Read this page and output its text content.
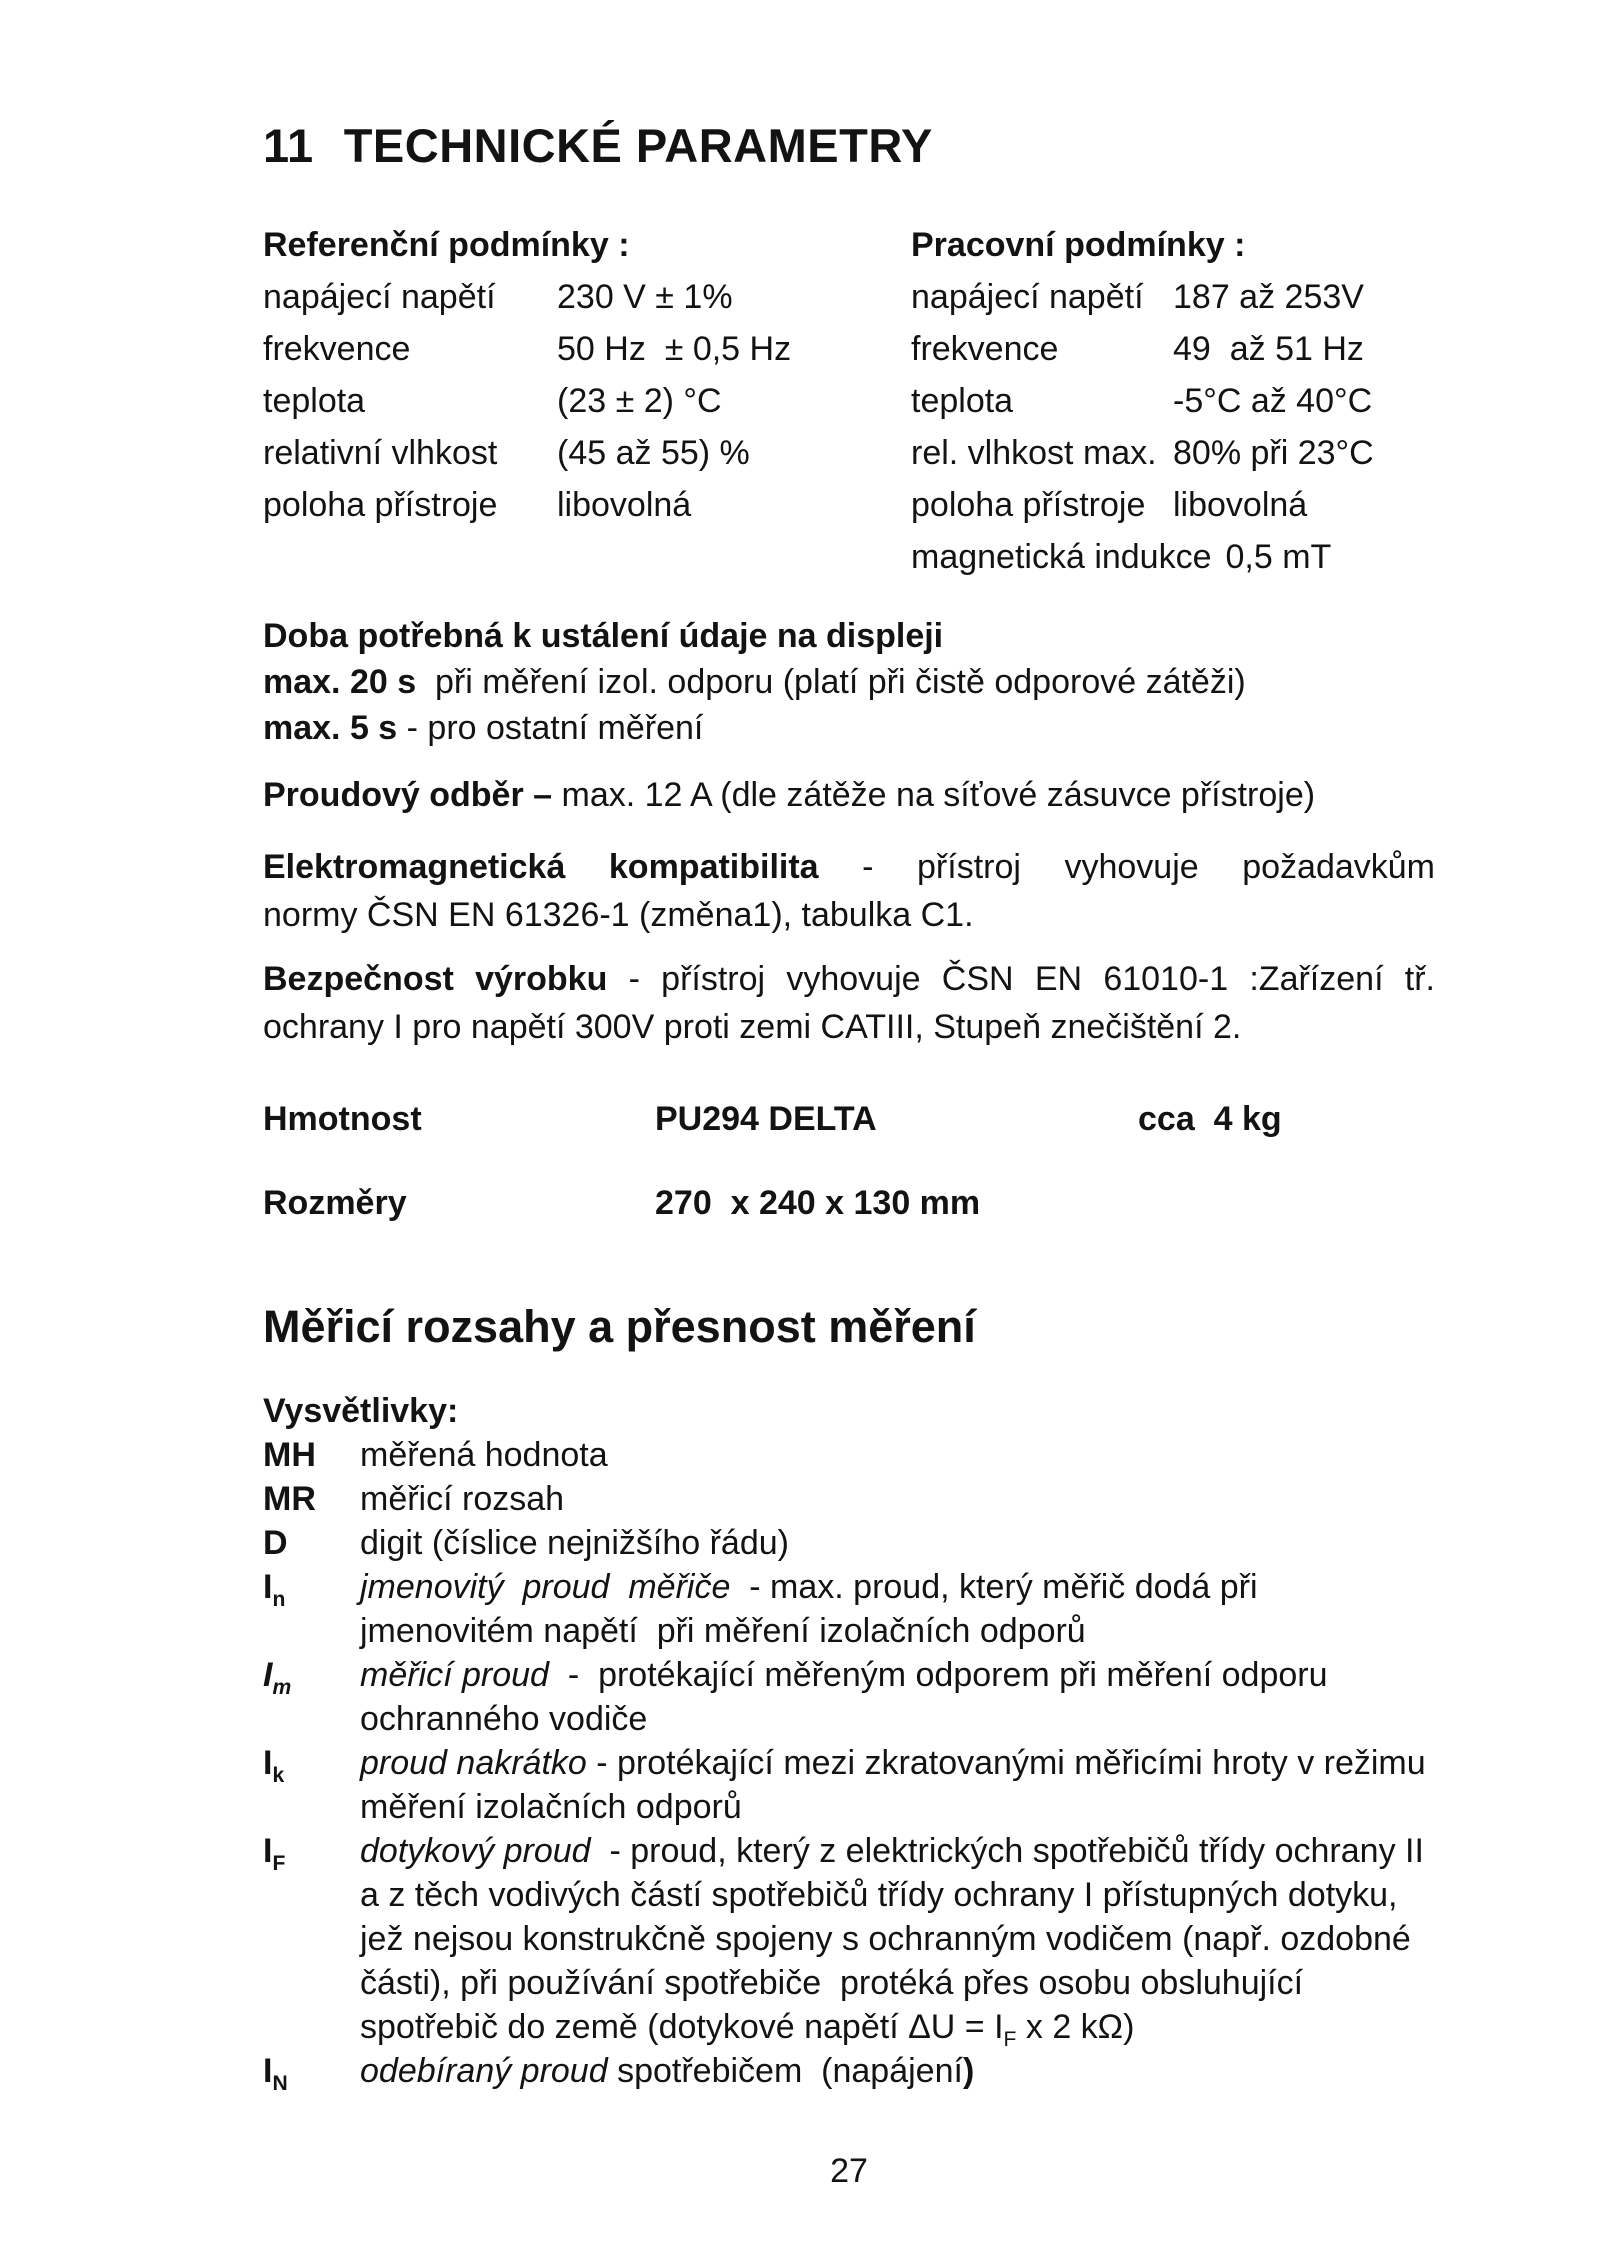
11 TECHNICKÉ PARAMETRY
Referenční podmínky :
napájecí napětí	230 V ± 1%
frekvence	50 Hz  ± 0,5 Hz
teplota	(23 ± 2) °C
relativní vlhkost	(45 až 55) %
poloha přístroje	libovolná
Pracovní podmínky :
napájecí napětí 187 až 253V
frekvence	49  až 51 Hz
teplota	-5°C až 40°C
rel. vlhkost max. 80% při 23°C
poloha přístroje libovolná
magnetická indukce 0,5 mT
Doba potřebná k ustálení údaje na displeji
max. 20 s  při měření izol. odporu (platí při čistě odporové zátěži)
max. 5 s - pro ostatní měření
Proudový odběr – max. 12 A (dle zátěže na síťové zásuvce přístroje)
Elektromagnetická kompatibilita - přístroj vyhovuje požadavkům
normy ČSN EN 61326-1 (změna1), tabulka C1.
Bezpečnost výrobku - přístroj vyhovuje ČSN EN 61010-1 :Zařízení tř. ochrany I pro napětí 300V proti zemi CATIII, Stupeň znečištění 2.
Hmotnost	PU294 DELTA	cca  4 kg
Rozměry	270  x 240 x 130 mm
Měřicí rozsahy a přesnost měření
Vysvětlivky:
MH	měřená hodnota
MR	měřicí rozsah
D	digit (číslice nejnižšího řádu)
$I_n$	jmenovitý  proud  měřiče  - max. proud, který měřič dodá při jmenovitém napětí  při měření izolačních odporů
$I_m$	měřicí proud  -  protékající měřeným odporem při měření odporu ochranného vodiče
$I_k$	proud nakrátko - protékající mezi zkratovanými měřicími hroty v režimu  měření izolačních odporů
$I_F$	dotykový proud  - proud, který z elektrických spotřebičů třídy ochrany II a z těch vodivých částí spotřebičů třídy ochrany I přístupných dotyku, jež nejsou konstrukčně spojeny s ochranným vodičem (např. ozdobné části), při používání spotřebiče  protéká přes osobu obsluhující spotřebič do země (dotykové napětí $\Delta U = I_F$ x 2 kΩ)
$I_N$	odebíraný proud spotřebičem  (napájení)
27
